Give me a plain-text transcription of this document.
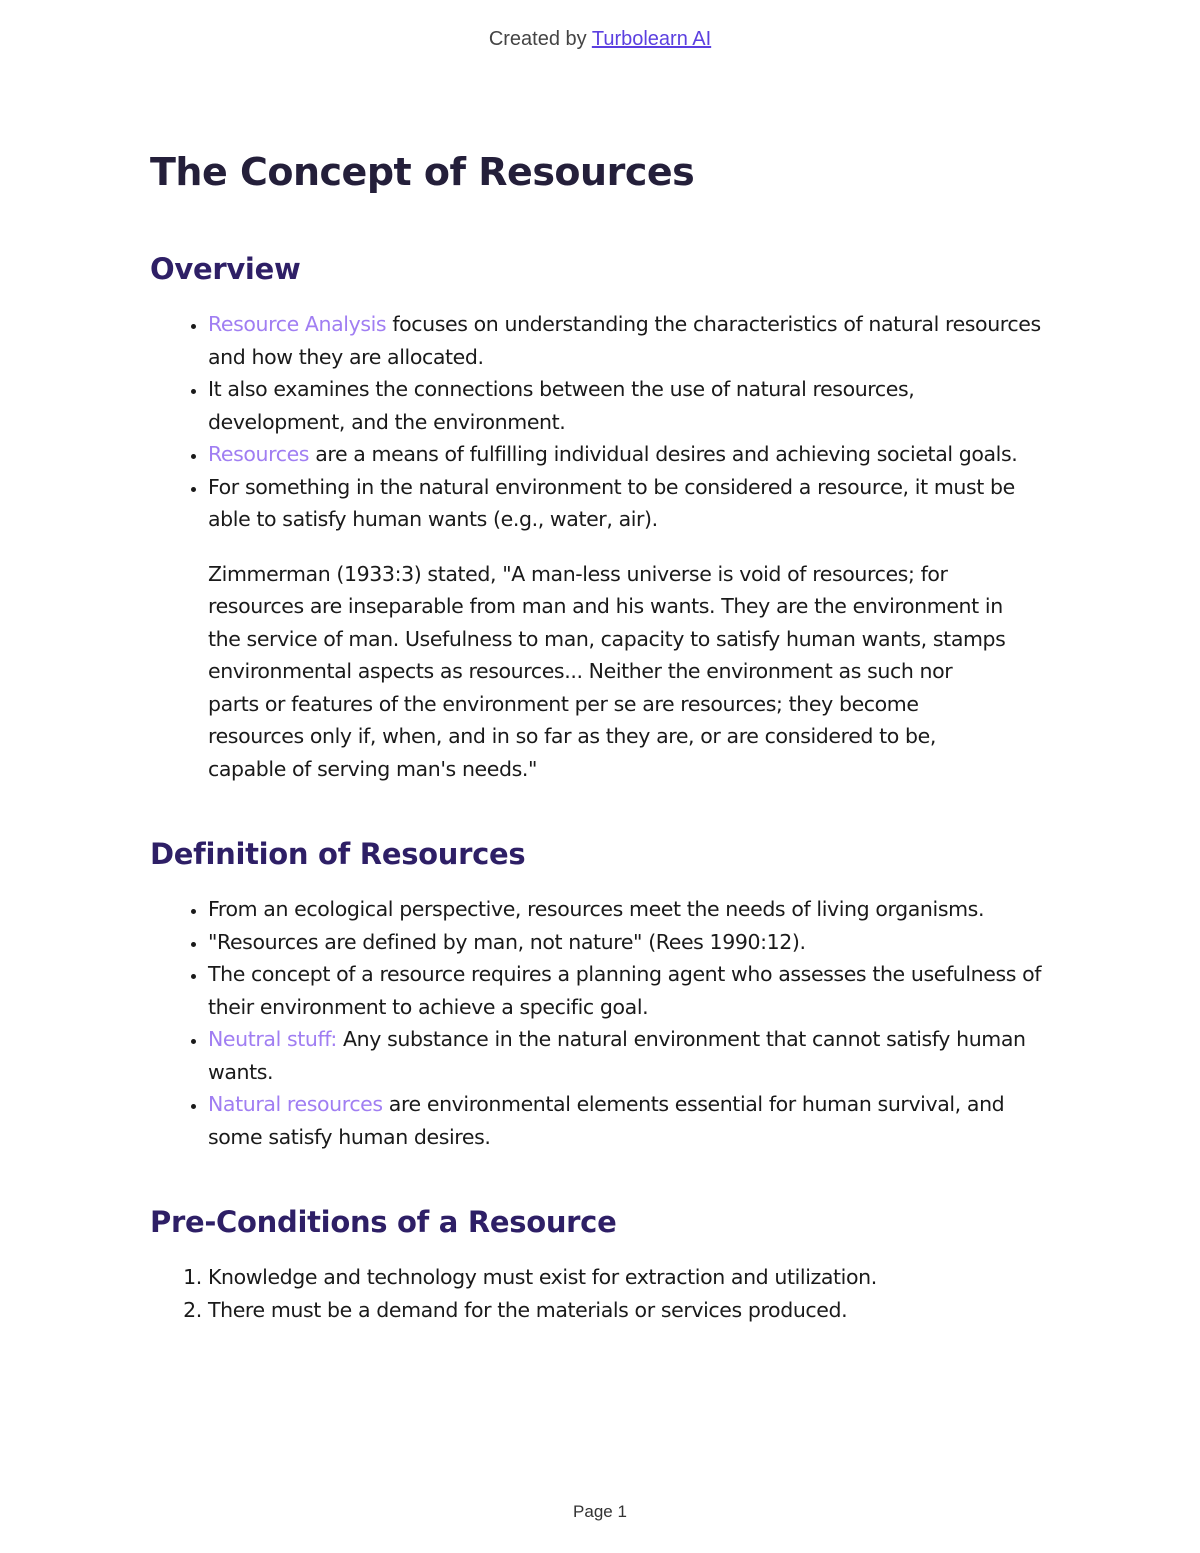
Created by Turbolearn AI
The Concept of Resources
Overview
• Resource Analysis focuses on understanding the characteristics of natural resources and how they are allocated.
• It also examines the connections between the use of natural resources, development, and the environment.
• Resources are a means of fulfilling individual desires and achieving societal goals.
• For something in the natural environment to be considered a resource, it must be able to satisfy human wants (e.g., water, air).

Zimmerman (1933:3) stated, "A man-less universe is void of resources; for resources are inseparable from man and his wants. They are the environment in the service of man. Usefulness to man, capacity to satisfy human wants, stamps environmental aspects as resources... Neither the environment as such nor parts or features of the environment per se are resources; they become resources only if, when, and in so far as they are, or are considered to be, capable of serving man's needs."

Definition of Resources
• From an ecological perspective, resources meet the needs of living organisms.
• "Resources are defined by man, not nature" (Rees 1990:12).
• The concept of a resource requires a planning agent who assesses the usefulness of their environment to achieve a specific goal.
• Neutral stuff: Any substance in the natural environment that cannot satisfy human wants.
• Natural resources are environmental elements essential for human survival, and some satisfy human desires.
Pre-Conditions of a Resource
1. Knowledge and technology must exist for extraction and utilization.
2. There must be a demand for the materials or services produced.
Page 1
